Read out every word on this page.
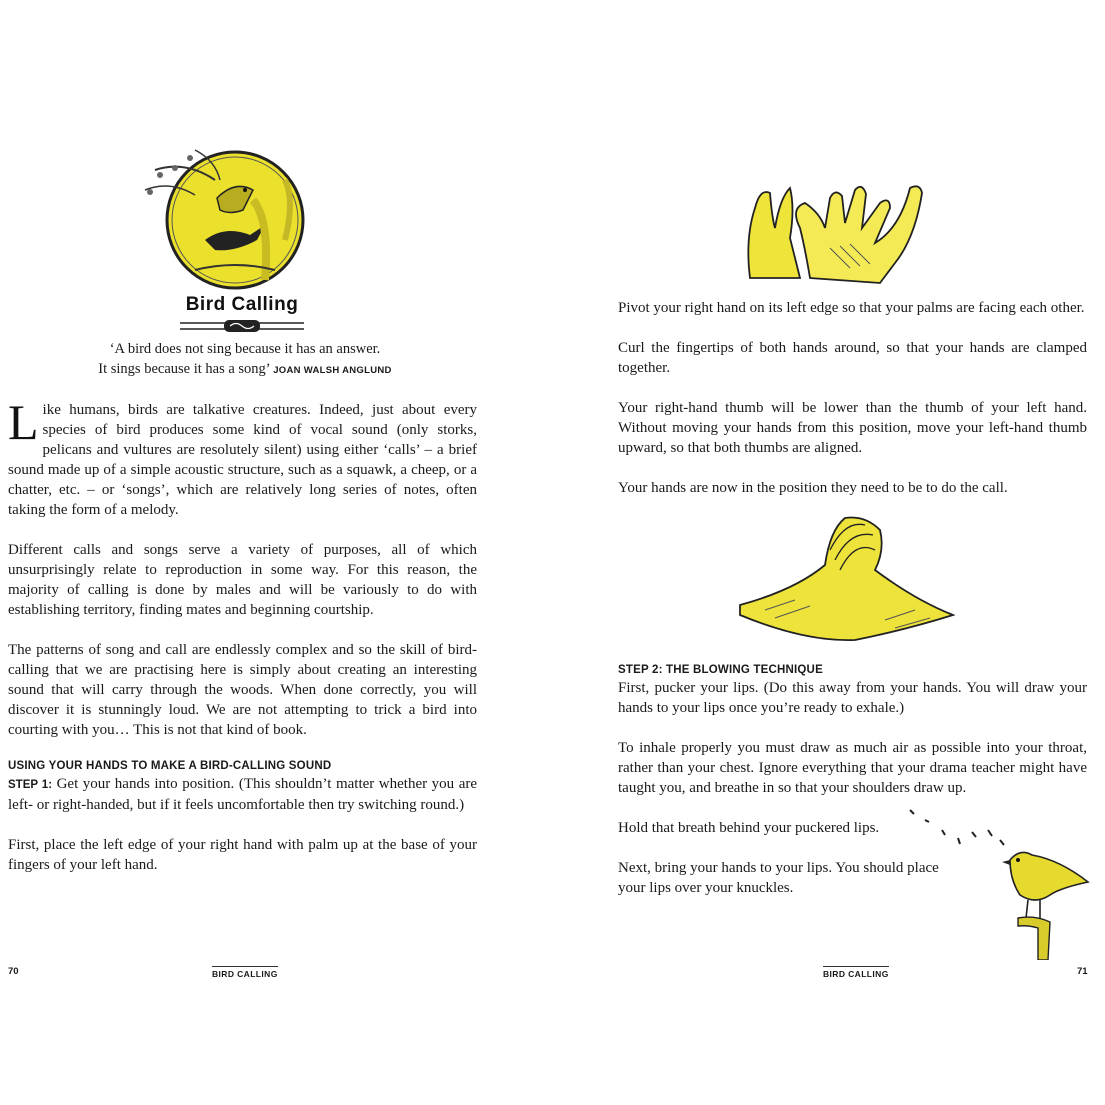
Bird Calling
‘A bird does not sing because it has an answer.
It sings because it has a song’ JOAN WALSH ANGLUND

Like humans, birds are talkative creatures. Indeed, just about every species of bird produces some kind of vocal sound (only storks, pelicans and vultures are resolutely silent) using either ‘calls’ – a brief sound made up of a simple acoustic structure, such as a squawk, a cheep, or a chatter, etc. – or ‘songs’, which are relatively long series of notes, often taking the form of a melody.

Different calls and songs serve a variety of purposes, all of which unsurprisingly relate to reproduction in some way. For this reason, the majority of calling is done by males and will be variously to do with establishing territory, finding mates and beginning courtship.

The patterns of song and call are endlessly complex and so the skill of bird-calling that we are practising here is simply about creating an interesting sound that will carry through the woods. When done correctly, you will discover it is stunningly loud. We are not attempting to trick a bird into courting with you… This is not that kind of book.

USING YOUR HANDS TO MAKE A BIRD-CALLING SOUND

STEP 1: Get your hands into position. (This shouldn’t matter whether you are left- or right-handed, but if it feels uncomfortable then try switching round.)

First, place the left edge of your right hand with palm up at the base of your fingers of your left hand.

70	BIRD CALLING

Pivot your right hand on its left edge so that your palms are facing each other.

Curl the fingertips of both hands around, so that your hands are clamped together.

Your right-hand thumb will be lower than the thumb of your left hand. Without moving your hands from this position, move your left-hand thumb upward, so that both thumbs are aligned.

Your hands are now in the position they need to be to do the call.

STEP 2: THE BLOWING TECHNIQUE

First, pucker your lips. (Do this away from your hands. You will draw your hands to your lips once you’re ready to exhale.)

To inhale properly you must draw as much air as possible into your throat, rather than your chest. Ignore everything that your drama teacher might have taught you, and breathe in so that your shoulders draw up.

Hold that breath behind your puckered lips.

Next, bring your hands to your lips. You should place your lips over your knuckles.

BIRD CALLING	71
